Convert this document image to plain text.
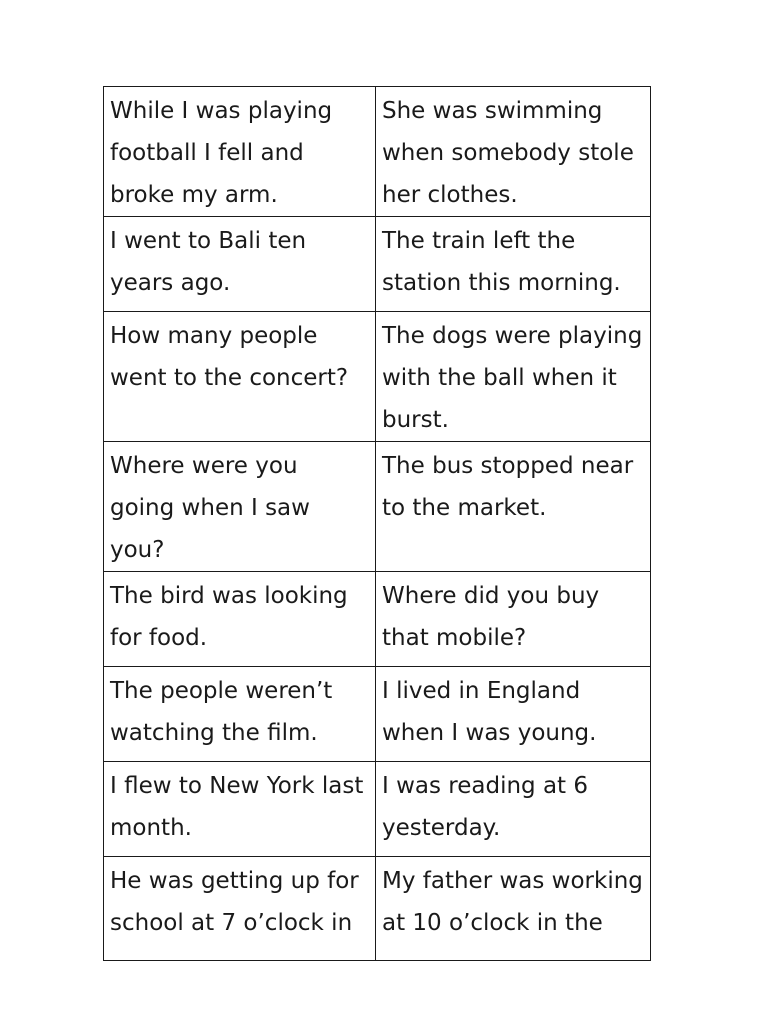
While I was playing football I fell and broke my arm.	She was swimming when somebody stole her clothes.

I went to Bali ten years ago.	The train left the station this morning.

How many people went to the concert?	The dogs were playing with the ball when it burst.

Where were you going when I saw you?	The bus stopped near to the market.

The bird was looking for food.	Where did you buy that mobile?

The people weren’t watching the film.	I lived in England when I was young.

I flew to New York last month.	I was reading at 6 yesterday.

He was getting up for school at 7 o’clock in	My father was working at 10 o’clock in the
